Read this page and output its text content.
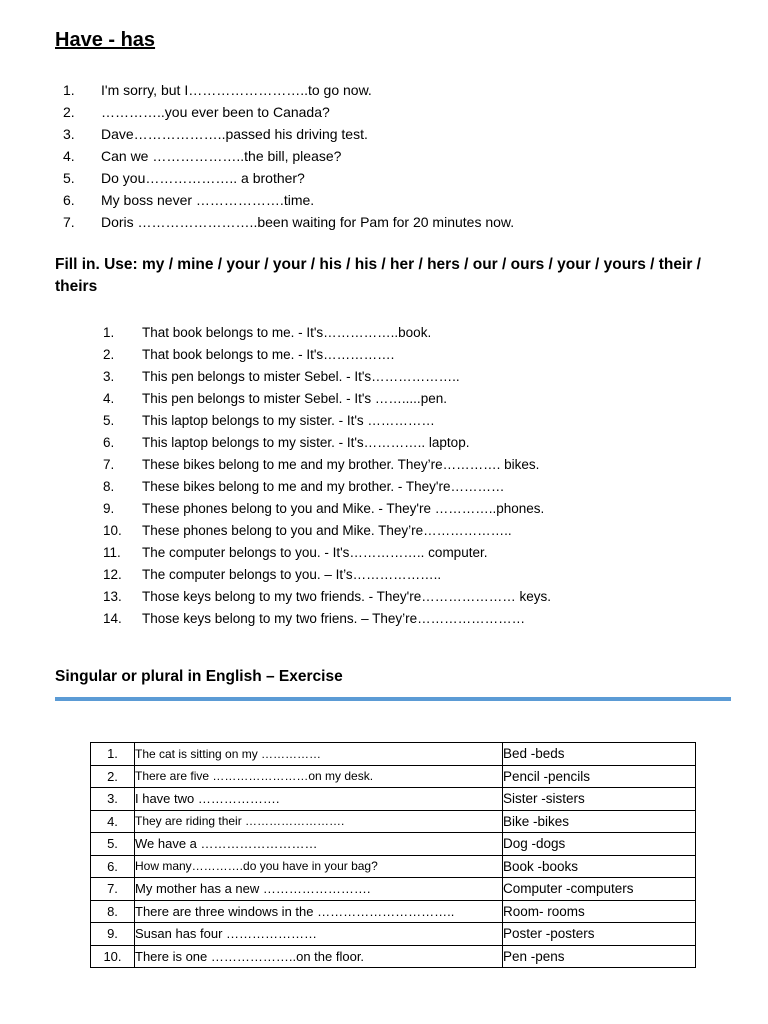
Have - has
1. I'm sorry, but I……………………..to go now.
2. …………..you ever been to Canada?
3. Dave………………..passed his driving test.
4. Can we ………………..the bill, please?
5. Do you……………….. a brother?
6. My boss never ……………….time.
7. Doris ……………………..been waiting for Pam for 20 minutes now.
Fill in. Use: my / mine / your / your / his / his / her / hers / our / ours / your / yours / their / theirs
1. That book belongs to me. - It's……………..book.
2. That book belongs to me. - It's…………….
3. This pen belongs to mister Sebel. - It's………………..
4. This pen belongs to mister Sebel. - It's …….....pen.
5. This laptop belongs to my sister. - It's ……………
6. This laptop belongs to my sister. - It's………….. laptop.
7. These bikes belong to me and my brother. They’re…………. bikes.
8. These bikes belong to me and my brother. - They're…………
9. These phones belong to you and Mike. - They're …………..phones.
10. These phones belong to you and Mike. They’re………………..
11. The computer belongs to you. - It's…………….. computer.
12. The computer belongs to you. – It’s………………..
13. Those keys belong to my two friends. - They're………………… keys.
14. Those keys belong to my two friens. – They’re……………………
Singular or plural in English – Exercise
1.	The cat is sitting on my ……………	Bed -beds
2.	There are five ……………………on my desk.	Pencil -pencils
3.	I have two ……………….	Sister -sisters
4.	They are riding their …………………….	Bike -bikes
5.	We have a ………………………	Dog -dogs
6.	How many………….do you have in your bag?	Book -books
7.	My mother has a new …………………….	Computer -computers
8.	There are three windows in the …………………………..	Room- rooms
9.	Susan has four …………………	Poster -posters
10.	There is one ………………..on the floor.	Pen -pens
